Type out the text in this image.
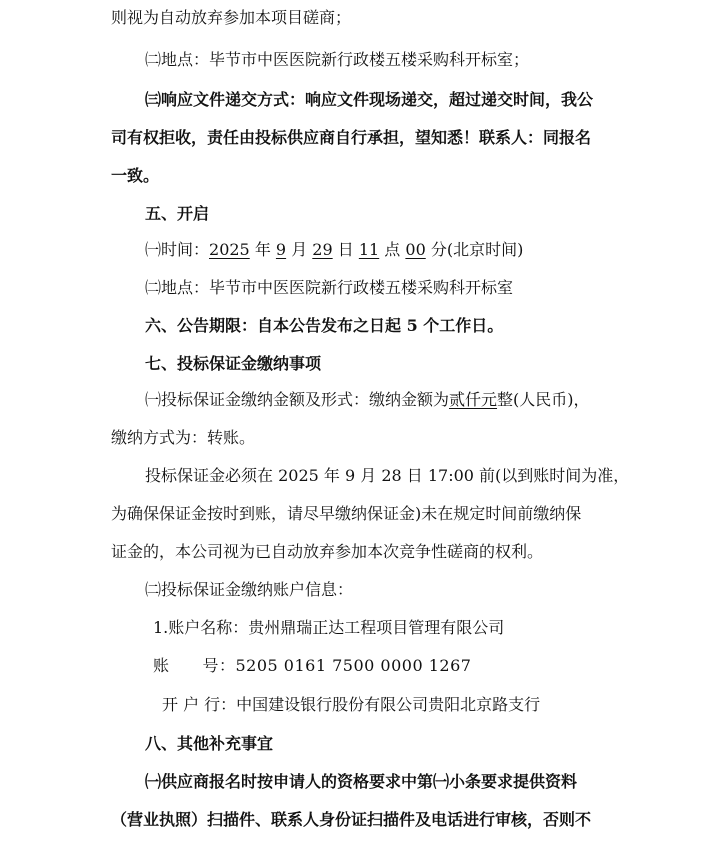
则视为自动放弃参加本项目磋商；
㈡地点：毕节市中医医院新行政楼五楼采购科开标室；
㈢响应文件递交方式：响应文件现场递交，超过递交时间，我公
司有权拒收，责任由投标供应商自行承担，望知悉！联系人：同报名
一致。
五、开启
㈠时间：2025 年 9 月 29 日 11 点 00 分(北京时间)
㈡地点：毕节市中医医院新行政楼五楼采购科开标室
六、公告期限：自本公告发布之日起 5 个工作日。
七、投标保证金缴纳事项
㈠投标保证金缴纳金额及形式：缴纳金额为贰仟元整(人民币)，
缴纳方式为：转账。
投标保证金必须在 2025 年 9 月 28 日 17:00 前(以到账时间为准，
为确保保证金按时到账，请尽早缴纳保证金)未在规定时间前缴纳保
证金的，本公司视为已自动放弃参加本次竞争性磋商的权利。
㈡投标保证金缴纳账户信息：
1.账户名称：贵州鼎瑞正达工程项目管理有限公司
账　　号：5205 0161 7500 0000 1267
开 户 行：中国建设银行股份有限公司贵阳北京路支行
八、其他补充事宜
㈠供应商报名时按申请人的资格要求中第㈠小条要求提供资料
（营业执照）扫描件、联系人身份证扫描件及电话进行审核，否则不
